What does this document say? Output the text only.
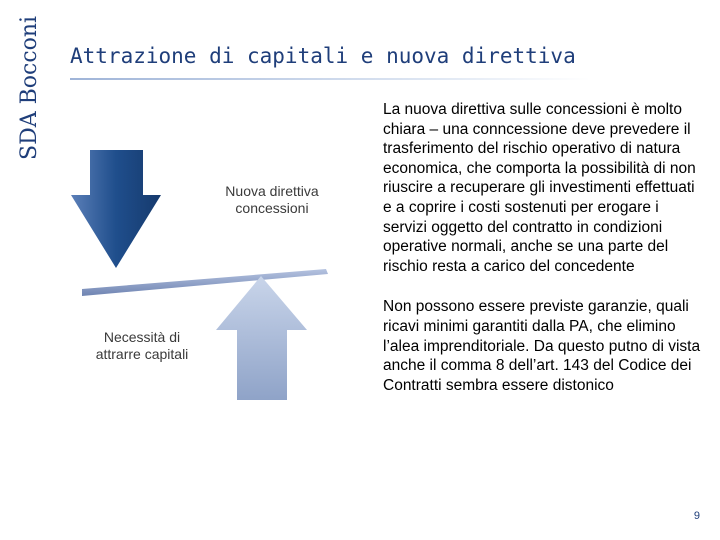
SDA Bocconi Attrazione di capitali e nuova direttiva
Nuova direttiva concessioni
Necessità di attrarre capitali

La nuova direttiva sulle concessioni è molto chiara – una conncessione deve prevedere il trasferimento del rischio operativo di natura economica, che comporta la possibilità di non riuscire a recuperare gli investimenti effettuati e a coprire i costi sostenuti per erogare i servizi oggetto del contratto in condizioni operative normali, anche se una parte del rischio resta a carico del concedente

Non possono essere previste garanzie, quali ricavi minimi garantiti dalla PA, che elimino l’alea imprenditoriale. Da questo putno di vista anche il comma 8 dell’art. 143 del Codice dei Contratti sembra essere distonico

9
